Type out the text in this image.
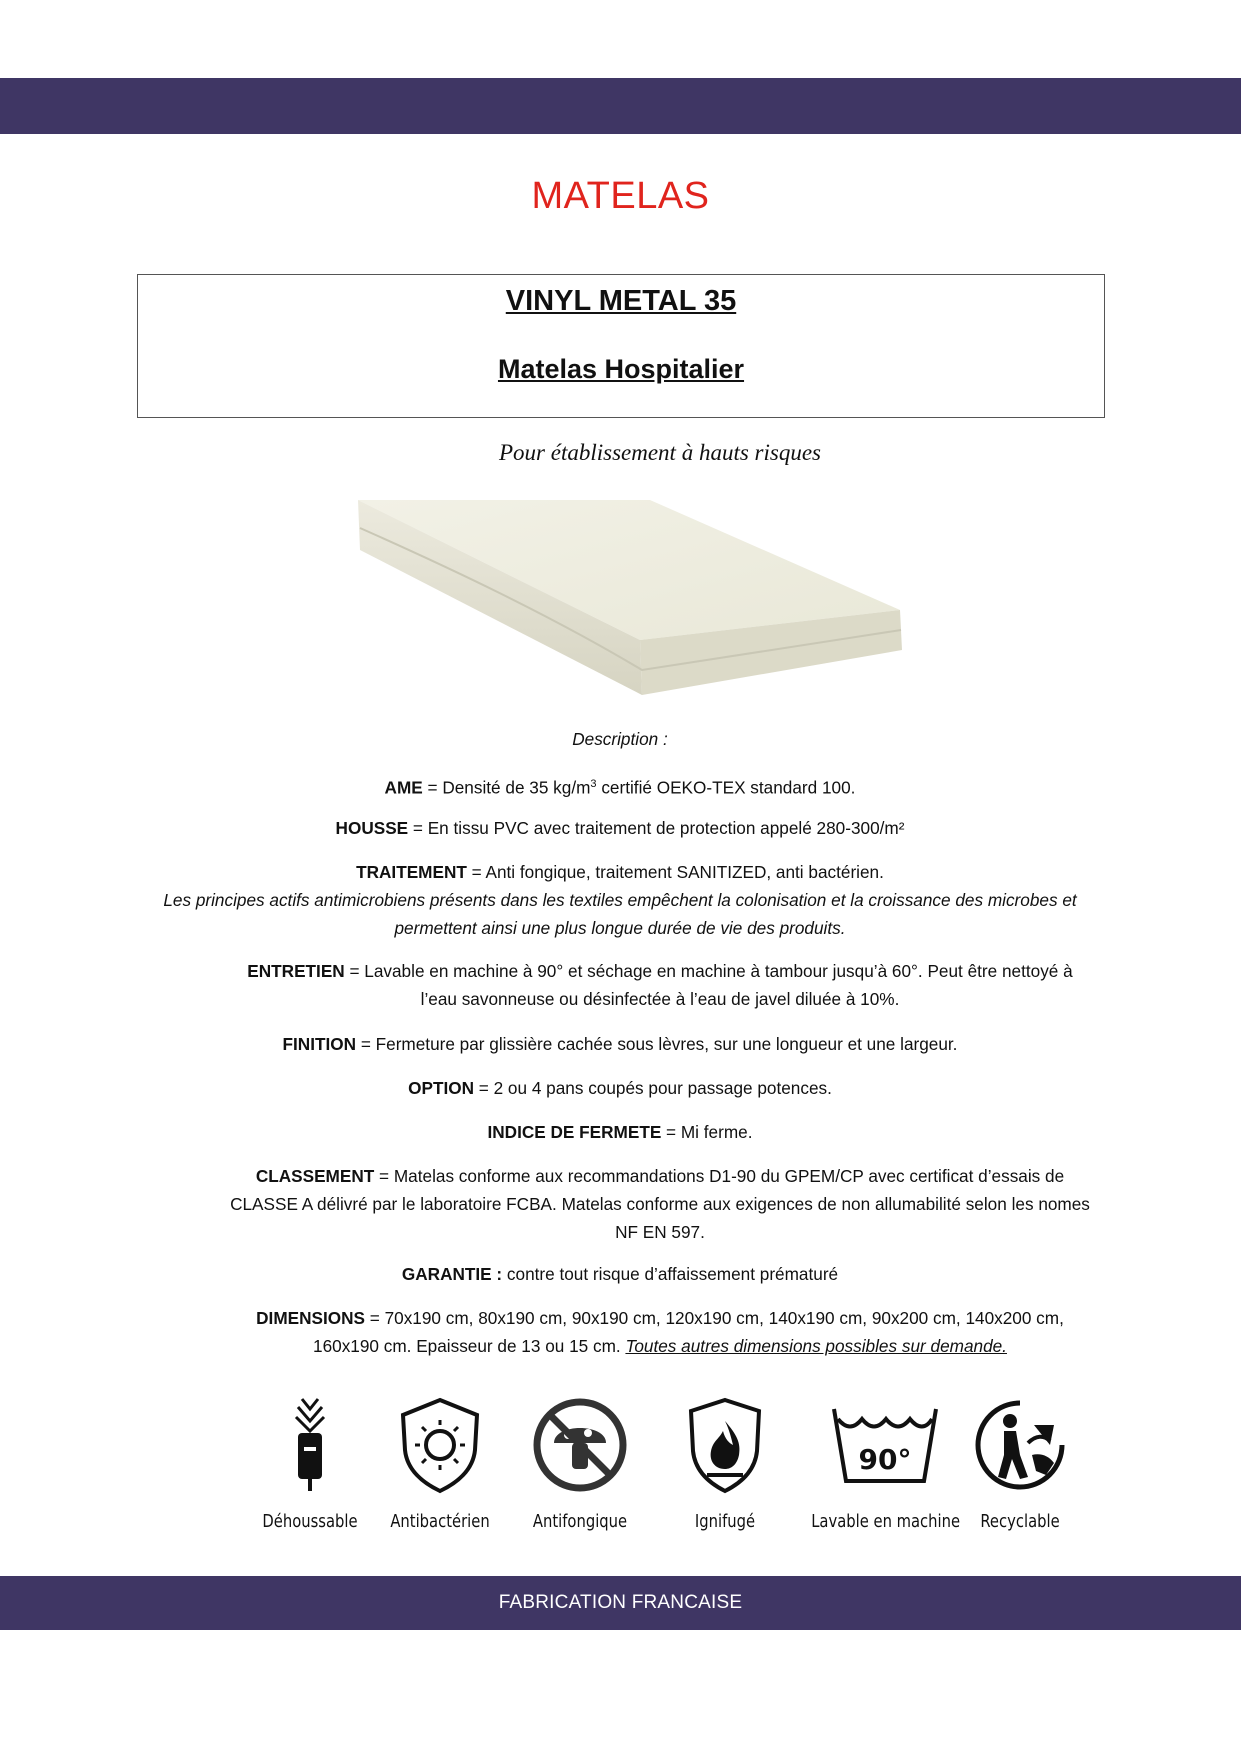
MATELAS
VINYL METAL 35
Matelas Hospitalier
Pour établissement à hauts risques
Description :
AME = Densité de 35 $kg/m^3$ certifié OEKO-TEX standard 100.
HOUSSE = En tissu PVC avec traitement de protection appelé 280-300/m²
TRAITEMENT = Anti fongique, traitement SANITIZED, anti bactérien.
Les principes actifs antimicrobiens présents dans les textiles empêchent la colonisation et la croissance des microbes et permettent ainsi une plus longue durée de vie des produits.
ENTRETIEN = Lavable en machine à 90° et séchage en machine à tambour jusqu’à 60°. Peut être nettoyé à l’eau savonneuse ou désinfectée à l’eau de javel diluée à 10%.
FINITION = Fermeture par glissière cachée sous lèvres, sur une longueur et une largeur.
OPTION = 2 ou 4 pans coupés pour passage potences.
INDICE DE FERMETE = Mi ferme.
CLASSEMENT = Matelas conforme aux recommandations D1-90 du GPEM/CP avec certificat d’essais de CLASSE A délivré par le laboratoire FCBA. Matelas conforme aux exigences de non allumabilité selon les nomes NF EN 597.
GARANTIE : contre tout risque d’affaissement prématuré
DIMENSIONS = 70x190 cm, 80x190 cm, 90x190 cm, 120x190 cm, 140x190 cm, 90x200 cm, 140x200 cm, 160x190 cm. Epaisseur de 13 ou 15 cm. Toutes autres dimensions possibles sur demande.
Déhoussable	Antibactérien	Antifongique	Ignifugé
90°
Lavable en machine	Recyclable
FABRICATION FRANCAISE
